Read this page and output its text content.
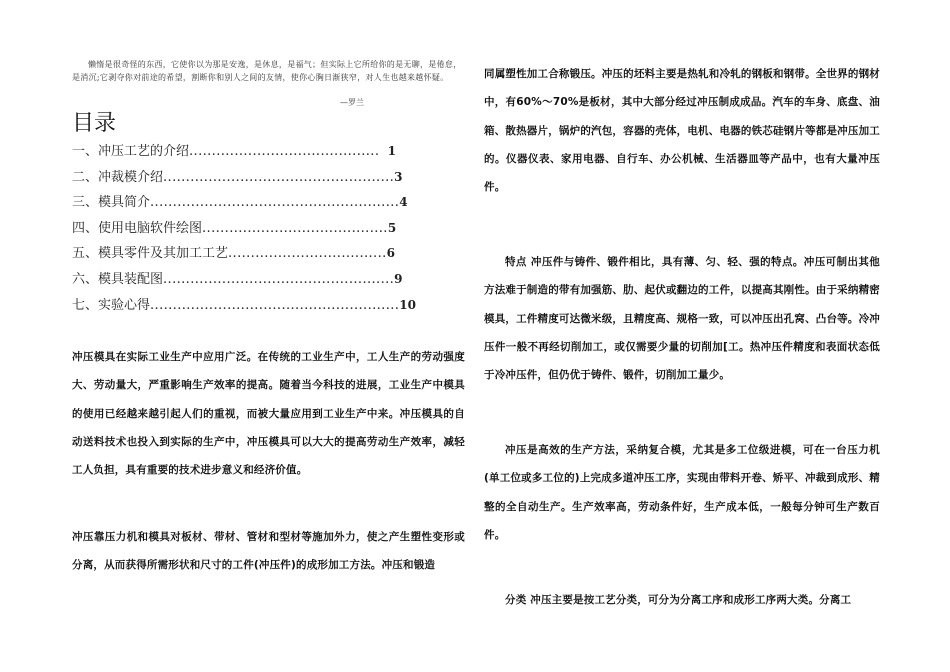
懒惰是很奇怪的东西，它使你以为那是安逸，是休息，是福气；但实际上它所给你的是无聊，是倦怠，是消沉;它剥夺你对前途的希望，割断你和别人之间的友情，使你心胸日渐狭窄，对人生也越来越怀疑。
—罗兰
目录
一、冲压工艺的介绍.......................................... 1
二、冲裁模介绍...................................................3
三、模具简介.......................................................4
四、使用电脑软件绘图.........................................5
五、模具零件及其加工工艺...................................6
六、模具装配图...................................................9
七、实验心得.......................................................10
冲压模具在实际工业生产中应用广泛。在传统的工业生产中，工人生产的劳动强度大、劳动量大，严重影响生产效率的提高。随着当今科技的进展，工业生产中模具的使用已经越来越引起人们的重视，而被大量应用到工业生产中来。冲压模具的自动送料技术也投入到实际的生产中，冲压模具可以大大的提高劳动生产效率，减轻工人负担，具有重要的技术进步意义和经济价值。
冲压靠压力机和模具对板材、带材、管材和型材等施加外力，使之产生塑性变形或分离，从而获得所需形状和尺寸的工件(冲压件)的成形加工方法。冲压和锻造
同属塑性加工合称锻压。冲压的坯料主要是热轧和冷轧的钢板和钢带。全世界的钢材中，有60%～70%是板材，其中大部分经过冲压制成成品。汽车的车身、底盘、油箱、散热器片，锅炉的汽包，容器的壳体，电机、电器的铁芯硅钢片等都是冲压加工的。仪器仪表、家用电器、自行车、办公机械、生活器皿等产品中，也有大量冲压件。
特点 冲压件与铸件、锻件相比，具有薄、匀、轻、强的特点。冲压可制出其他方法难于制造的带有加强筋、肋、起伏或翻边的工件，以提高其刚性。由于采纳精密模具，工件精度可达微米级，且精度高、规格一致，可以冲压出孔窝、凸台等。冷冲压件一般不再经切削加工，或仅需要少量的切削加[工。热冲压件精度和表面状态低于冷冲压件，但仍优于铸件、锻件，切削加工量少。
冲压是高效的生产方法，采纳复合模，尤其是多工位级进模，可在一台压力机(单工位或多工位的)上完成多道冲压工序，实现由带料开卷、矫平、冲裁到成形、精整的全自动生产。生产效率高，劳动条件好，生产成本低，一般每分钟可生产数百件。
分类 冲压主要是按工艺分类，可分为分离工序和成形工序两大类。分离工
